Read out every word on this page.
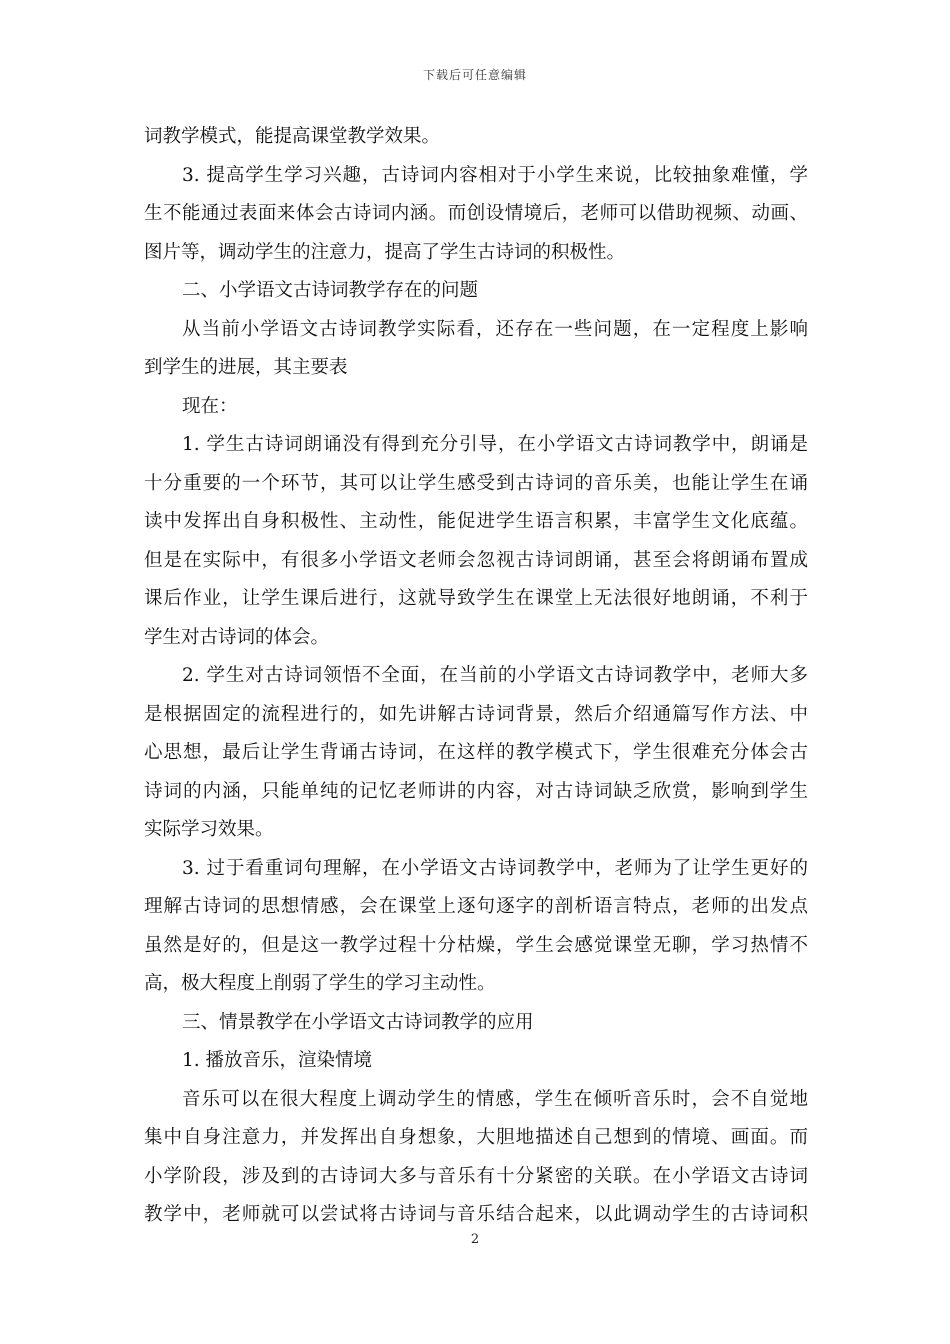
下载后可任意编辑
词教学模式，能提高课堂教学效果。
3. 提高学生学习兴趣，古诗词内容相对于小学生来说，比较抽象难懂，学
生不能通过表面来体会古诗词内涵。而创设情境后，老师可以借助视频、动画、
图片等，调动学生的注意力，提高了学生古诗词的积极性。
二、小学语文古诗词教学存在的问题
从当前小学语文古诗词教学实际看，还存在一些问题，在一定程度上影响
到学生的进展，其主要表
现在：
1. 学生古诗词朗诵没有得到充分引导，在小学语文古诗词教学中，朗诵是
十分重要的一个环节，其可以让学生感受到古诗词的音乐美，也能让学生在诵
读中发挥出自身积极性、主动性，能促进学生语言积累，丰富学生文化底蕴。
但是在实际中，有很多小学语文老师会忽视古诗词朗诵，甚至会将朗诵布置成
课后作业，让学生课后进行，这就导致学生在课堂上无法很好地朗诵，不利于
学生对古诗词的体会。
2. 学生对古诗词领悟不全面，在当前的小学语文古诗词教学中，老师大多
是根据固定的流程进行的，如先讲解古诗词背景，然后介绍通篇写作方法、中
心思想，最后让学生背诵古诗词，在这样的教学模式下，学生很难充分体会古
诗词的内涵，只能单纯的记忆老师讲的内容，对古诗词缺乏欣赏，影响到学生
实际学习效果。
3. 过于看重词句理解，在小学语文古诗词教学中，老师为了让学生更好的
理解古诗词的思想情感，会在课堂上逐句逐字的剖析语言特点，老师的出发点
虽然是好的，但是这一教学过程十分枯燥，学生会感觉课堂无聊，学习热情不
高，极大程度上削弱了学生的学习主动性。
三、情景教学在小学语文古诗词教学的应用
1. 播放音乐，渲染情境
音乐可以在很大程度上调动学生的情感，学生在倾听音乐时，会不自觉地
集中自身注意力，并发挥出自身想象，大胆地描述自己想到的情境、画面。而
小学阶段，涉及到的古诗词大多与音乐有十分紧密的关联。在小学语文古诗词
教学中，老师就可以尝试将古诗词与音乐结合起来，以此调动学生的古诗词积
2
